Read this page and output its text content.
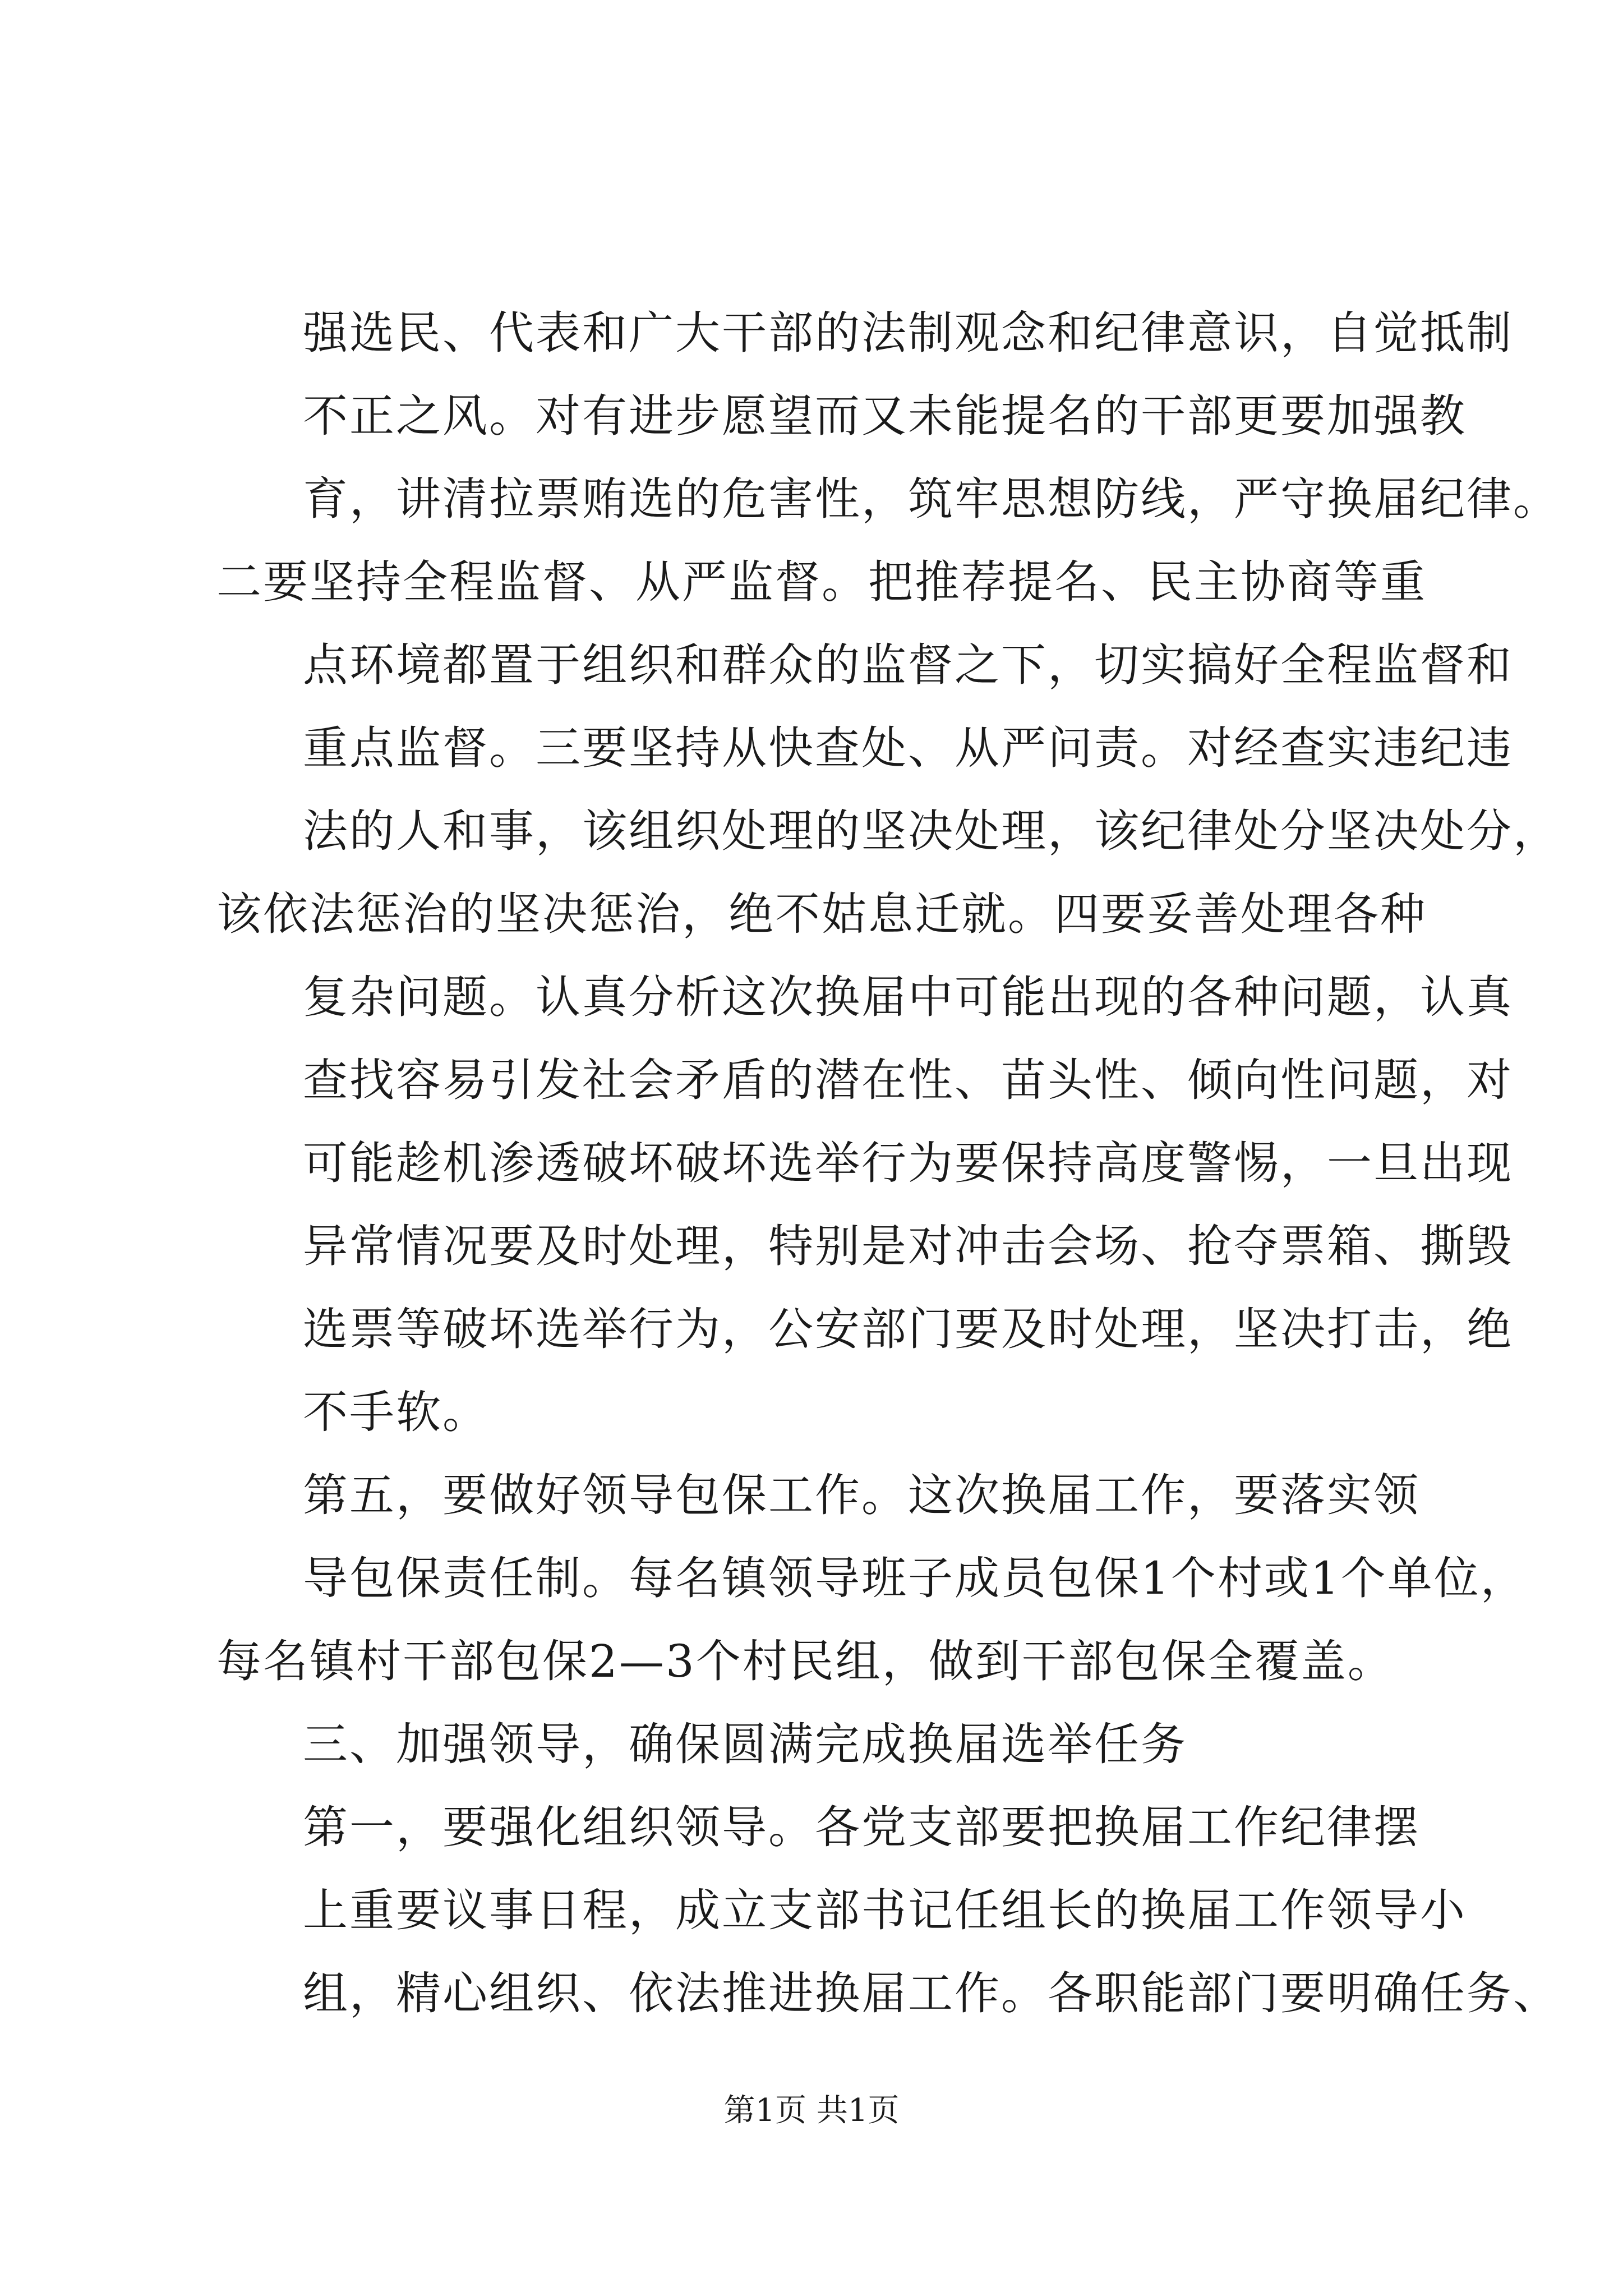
强选民、代表和广大干部的法制观念和纪律意识，自觉抵制
不正之风。对有进步愿望而又未能提名的干部更要加强教
育，讲清拉票贿选的危害性，筑牢思想防线，严守换届纪律。
二要坚持全程监督、从严监督。把推荐提名、民主协商等重
点环境都置于组织和群众的监督之下，切实搞好全程监督和
重点监督。三要坚持从快查处、从严问责。对经查实违纪违
法的人和事，该组织处理的坚决处理，该纪律处分坚决处分，
该依法惩治的坚决惩治，绝不姑息迁就。四要妥善处理各种
复杂问题。认真分析这次换届中可能出现的各种问题，认真
查找容易引发社会矛盾的潜在性、苗头性、倾向性问题，对
可能趁机渗透破坏破坏选举行为要保持高度警惕，一旦出现
异常情况要及时处理，特别是对冲击会场、抢夺票箱、撕毁
选票等破坏选举行为，公安部门要及时处理，坚决打击，绝
不手软。
第五，要做好领导包保工作。这次换届工作，要落实领
导包保责任制。每名镇领导班子成员包保1个村或1个单位，
每名镇村干部包保2—3个村民组，做到干部包保全覆盖。
三、加强领导，确保圆满完成换届选举任务
第一，要强化组织领导。各党支部要把换届工作纪律摆
上重要议事日程，成立支部书记任组长的换届工作领导小
组，精心组织、依法推进换届工作。各职能部门要明确任务、
第1页 共1页
